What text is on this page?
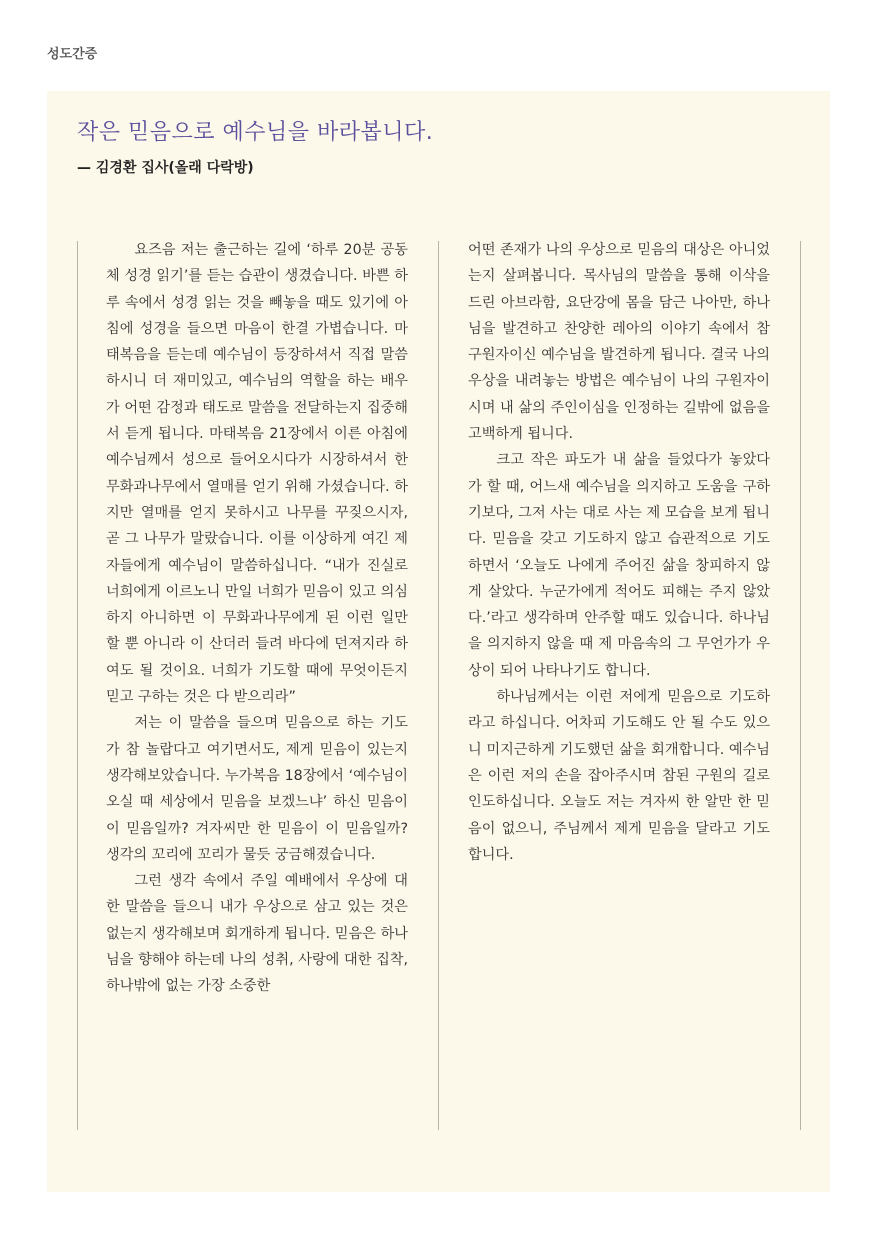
성도간증
작은 믿음으로 예수님을 바라봅니다.
— 김경환 집사(올래 다락방)

요즈음 저는 출근하는 길에 ‘하루 20분 공동체 성경 읽기’를 듣는 습관이 생겼습니다. 바쁜 하루 속에서 성경 읽는 것을 빼놓을 때도 있기에 아침에 성경을 들으면 마음이 한결 가볍습니다. 마태복음을 듣는데 예수님이 등장하셔서 직접 말씀하시니 더 재미있고, 예수님의 역할을 하는 배우가 어떤 감정과 태도로 말씀을 전달하는지 집중해서 듣게 됩니다. 마태복음 21장에서 이른 아침에 예수님께서 성으로 들어오시다가 시장하셔서 한 무화과나무에서 열매를 얻기 위해 가셨습니다. 하지만 열매를 얻지 못하시고 나무를 꾸짖으시자, 곧 그 나무가 말랐습니다. 이를 이상하게 여긴 제자들에게 예수님이 말씀하십니다. “내가 진실로 너희에게 이르노니 만일 너희가 믿음이 있고 의심하지 아니하면 이 무화과나무에게 된 이런 일만 할 뿐 아니라 이 산더러 들려 바다에 던져지라 하여도 될 것이요. 너희가 기도할 때에 무엇이든지 믿고 구하는 것은 다 받으리라”

저는 이 말씀을 들으며 믿음으로 하는 기도가 참 놀랍다고 여기면서도, 제게 믿음이 있는지 생각해보았습니다. 누가복음 18장에서 ‘예수님이 오실 때 세상에서 믿음을 보겠느냐’ 하신 믿음이 이 믿음일까? 겨자씨만 한 믿음이 이 믿음일까? 생각의 꼬리에 꼬리가 물듯 궁금해졌습니다.

그런 생각 속에서 주일 예배에서 우상에 대한 말씀을 들으니 내가 우상으로 삼고 있는 것은 없는지 생각해보며 회개하게 됩니다. 믿음은 하나님을 향해야 하는데 나의 성취, 사랑에 대한 집착, 하나밖에 없는 가장 소중한

어떤 존재가 나의 우상으로 믿음의 대상은 아니었는지 살펴봅니다. 목사님의 말씀을 통해 이삭을 드린 아브라함, 요단강에 몸을 담근 나아만, 하나님을 발견하고 찬양한 레아의 이야기 속에서 참 구원자이신 예수님을 발견하게 됩니다. 결국 나의 우상을 내려놓는 방법은 예수님이 나의 구원자이시며 내 삶의 주인이심을 인정하는 길밖에 없음을 고백하게 됩니다.

크고 작은 파도가 내 삶을 들었다가 놓았다가 할 때, 어느새 예수님을 의지하고 도움을 구하기보다, 그저 사는 대로 사는 제 모습을 보게 됩니다. 믿음을 갖고 기도하지 않고 습관적으로 기도하면서 ‘오늘도 나에게 주어진 삶을 창피하지 않게 살았다. 누군가에게 적어도 피해는 주지 않았다.’라고 생각하며 안주할 때도 있습니다. 하나님을 의지하지 않을 때 제 마음속의 그 무언가가 우상이 되어 나타나기도 합니다.

하나님께서는 이런 저에게 믿음으로 기도하라고 하십니다. 어차피 기도해도 안 될 수도 있으니 미지근하게 기도했던 삶을 회개합니다. 예수님은 이런 저의 손을 잡아주시며 참된 구원의 길로 인도하십니다. 오늘도 저는 겨자씨 한 알만 한 믿음이 없으니, 주님께서 제게 믿음을 달라고 기도합니다.
